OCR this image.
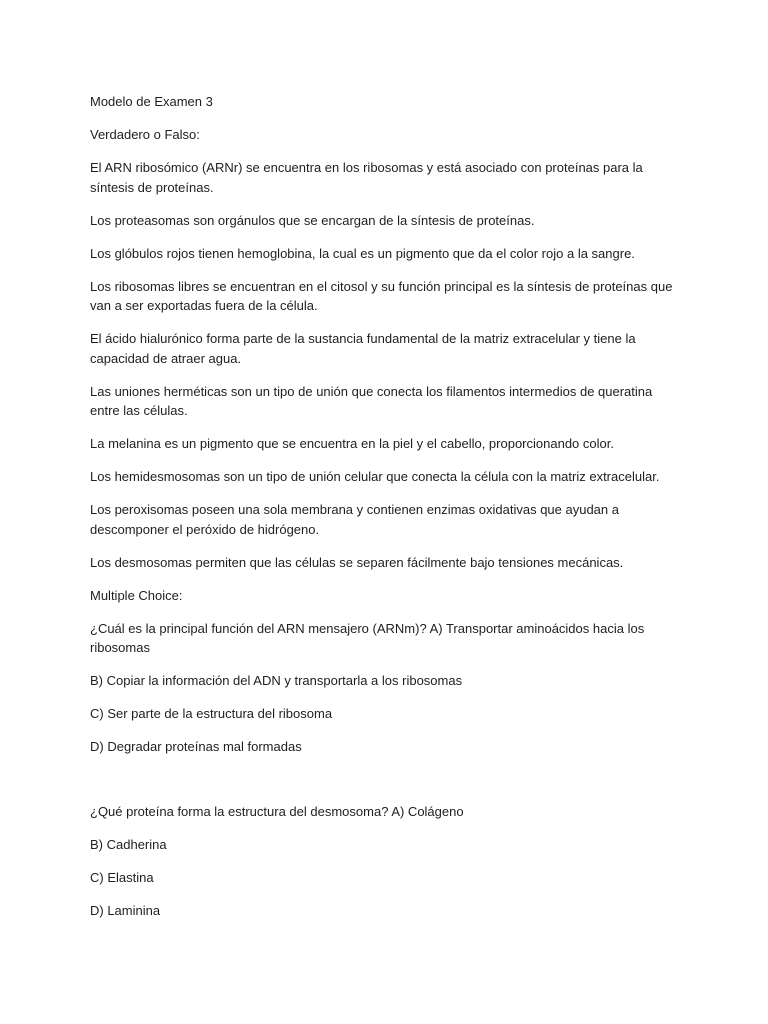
Modelo de Examen 3

Verdadero o Falso:

El ARN ribosómico (ARNr) se encuentra en los ribosomas y está asociado con proteínas para la síntesis de proteínas.

Los proteasomas son orgánulos que se encargan de la síntesis de proteínas.

Los glóbulos rojos tienen hemoglobina, la cual es un pigmento que da el color rojo a la sangre.

Los ribosomas libres se encuentran en el citosol y su función principal es la síntesis de proteínas que van a ser exportadas fuera de la célula.

El ácido hialurónico forma parte de la sustancia fundamental de la matriz extracelular y tiene la capacidad de atraer agua.

Las uniones herméticas son un tipo de unión que conecta los filamentos intermedios de queratina entre las células.

La melanina es un pigmento que se encuentra en la piel y el cabello, proporcionando color.

Los hemidesmosomas son un tipo de unión celular que conecta la célula con la matriz extracelular.

Los peroxisomas poseen una sola membrana y contienen enzimas oxidativas que ayudan a descomponer el peróxido de hidrógeno.

Los desmosomas permiten que las células se separen fácilmente bajo tensiones mecánicas.

Multiple Choice:

¿Cuál es la principal función del ARN mensajero (ARNm)? A) Transportar aminoácidos hacia los ribosomas

B) Copiar la información del ADN y transportarla a los ribosomas

C) Ser parte de la estructura del ribosoma

D) Degradar proteínas mal formadas

¿Qué proteína forma la estructura del desmosoma? A) Colágeno

B) Cadherina

C) Elastina

D) Laminina
